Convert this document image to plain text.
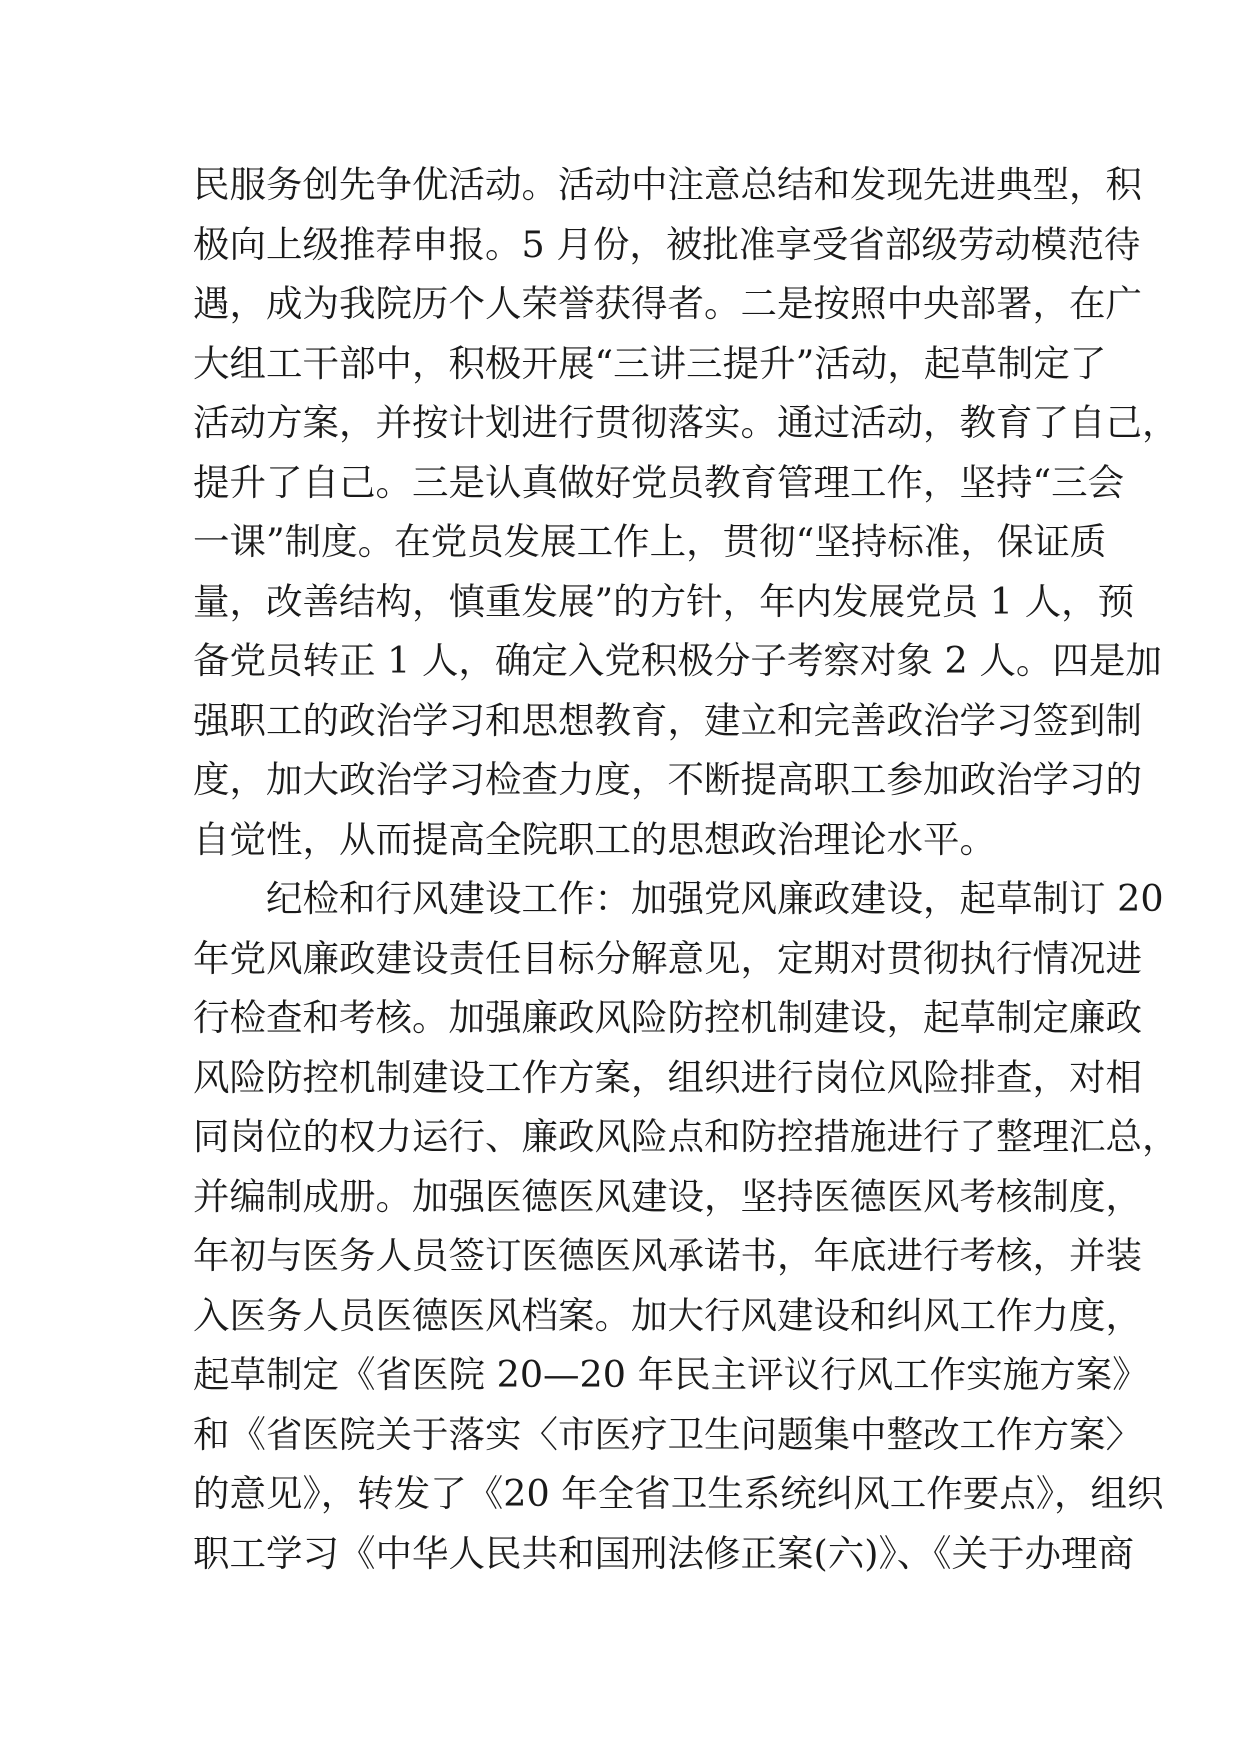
民服务创先争优活动。活动中注意总结和发现先进典型，积
极向上级推荐申报。5 月份，被批准享受省部级劳动模范待
遇，成为我院历个人荣誉获得者。二是按照中央部署，在广
大组工干部中，积极开展“三讲三提升”活动，起草制定了
活动方案，并按计划进行贯彻落实。通过活动，教育了自己，
提升了自己。三是认真做好党员教育管理工作，坚持“三会
一课”制度。在党员发展工作上，贯彻“坚持标准，保证质
量，改善结构，慎重发展”的方针，年内发展党员 1 人，预
备党员转正 1 人，确定入党积极分子考察对象 2 人。四是加
强职工的政治学习和思想教育，建立和完善政治学习签到制
度，加大政治学习检查力度，不断提高职工参加政治学习的
自觉性，从而提高全院职工的思想政治理论水平。
纪检和行风建设工作：加强党风廉政建设，起草制订 20
年党风廉政建设责任目标分解意见，定期对贯彻执行情况进
行检查和考核。加强廉政风险防控机制建设，起草制定廉政
风险防控机制建设工作方案，组织进行岗位风险排查，对相
同岗位的权力运行、廉政风险点和防控措施进行了整理汇总，
并编制成册。加强医德医风建设，坚持医德医风考核制度，
年初与医务人员签订医德医风承诺书，年底进行考核，并装
入医务人员医德医风档案。加大行风建设和纠风工作力度，
起草制定《省医院 20—20 年民主评议行风工作实施方案》
和《省医院关于落实〈市医疗卫生问题集中整改工作方案〉
的意见》，转发了《20 年全省卫生系统纠风工作要点》，组织
职工学习《中华人民共和国刑法修正案(六)》、《关于办理商
